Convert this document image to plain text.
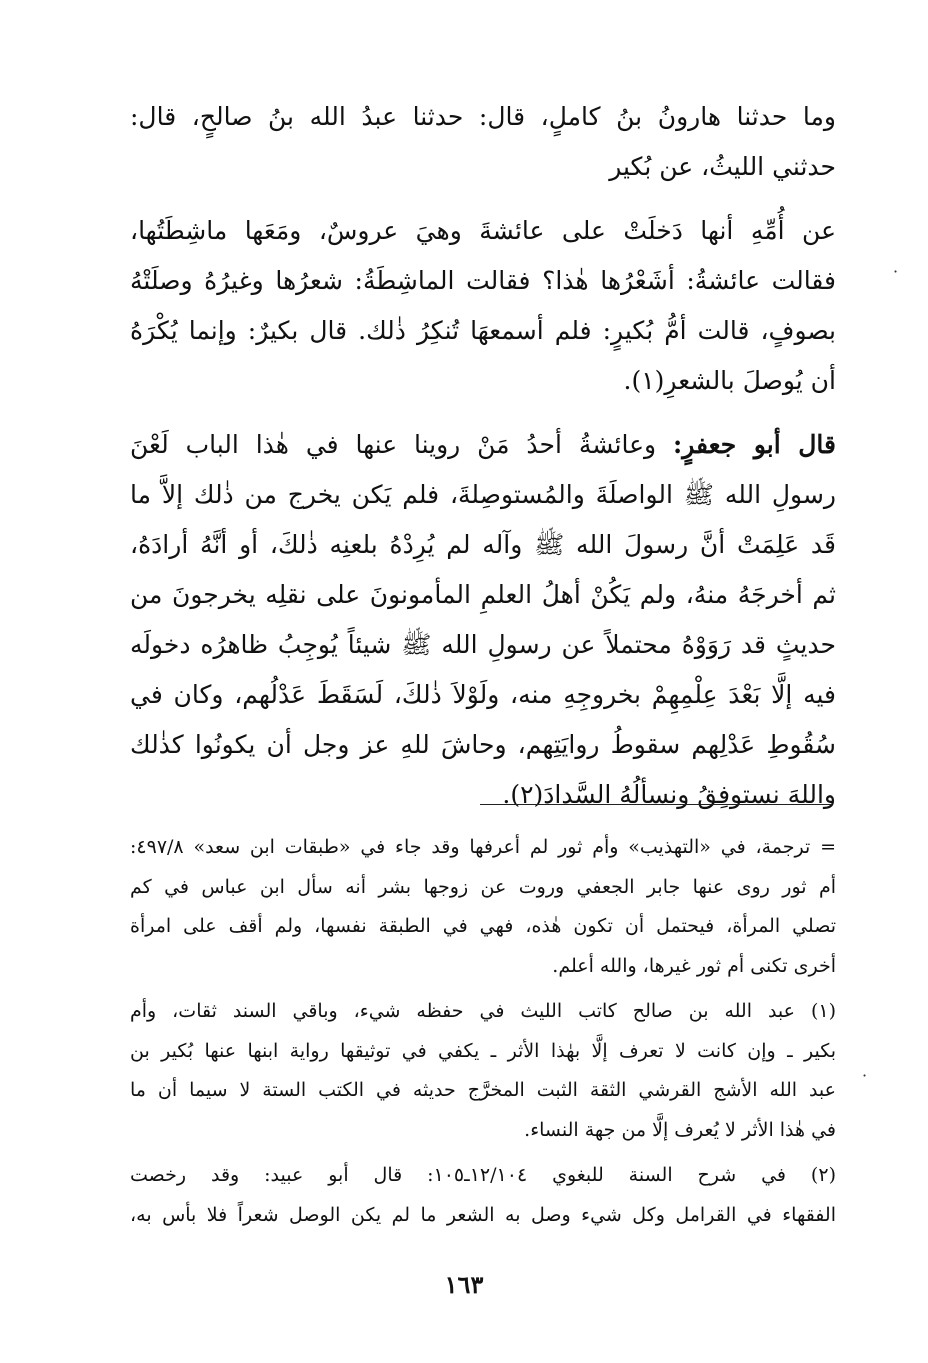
وما حدثنا هارونُ بنُ كاملٍ، قال: حدثنا عبدُ الله بنُ صالحٍ، قال:
حدثني الليثُ، عن بُكير
عن أُمِّهِ أنها دَخلَتْ على عائشةَ وهيَ عروسٌ، ومَعَها ماشِطَتُها،
فقالت عائشةُ: أشَعْرُها هٰذا؟ فقالت الماشِطَةُ: شعرُها وغيرُهُ وصلَتْهُ
بصوفٍ، قالت أمُّ بُكيرٍ: فلم أسمعهَا تُنكِرُ ذٰلك. قال بكيرٌ: وإنما يُكْرَهُ
أن يُوصلَ بالشعرِ(١).
قال أبو جعفرٍ: وعائشةُ أحدُ مَنْ روينا عنها في هٰذا الباب لَعْنَ
رسولِ الله ﷺ الواصلَةَ والمُستوصِلةَ، فلم يَكن يخرج من ذٰلك إلاَّ ما
قَد عَلِمَتْ أنَّ رسولَ الله ﷺ وآله لم يُرِدْهُ بلعنِه ذٰلكَ، أو أنَّهُ أرادَهُ،
ثم أخرجَهُ منهُ، ولم يَكُنْ أهلُ العلمِ المأمونونَ على نقلِه يخرجونَ من
حديثٍ قد رَوَوْهُ محتملاً عن رسولِ الله ﷺ شيئاً يُوجِبُ ظاهرُه دخولَه
فيه إلَّا بَعْدَ عِلْمِهِمْ بخروجِهِ منه، ولَوْلاَ ذٰلكَ، لَسَقَطَ عَدْلُهم، وكان في
سُقُوطِ عَدْلِهم سقوطُ روايَتِهم، وحاشَ للهِ عز وجل أن يكونُوا كذٰلك
واللهَ نستوفِقُ ونسألُهُ السَّدادَ(٢).
= ترجمة، في «التهذيب» وأم ثور لم أعرفها وقد جاء في «طبقات ابن سعد» ٤٩٧/٨:
أم ثور روى عنها جابر الجعفي وروت عن زوجها بشر أنه سأل ابن عباس في كم
تصلي المرأة، فيحتمل أن تكون هٰذه، فهي في الطبقة نفسها، ولم أقف على امرأة
أخرى تكنى أم ثور غيرها، والله أعلم.
(١) عبد الله بن صالح كاتب الليث في حفظه شيء، وباقي السند ثقات، وأم
بكير ـ وإن كانت لا تعرف إلَّا بهٰذا الأثر ـ يكفي في توثيقها رواية ابنها عنها بُكير بن
عبد الله الأشج القرشي الثقة الثبت المخرَّج حديثه في الكتب الستة لا سيما أن ما
في هٰذا الأثر لا يُعرف إلَّا من جهة النساء.
(٢) في شرح السنة للبغوي ١٢/١٠٤ـ١٠٥: قال أبو عبيد: وقد رخصت
الفقهاء في القرامل وكل شيء وصل به الشعر ما لم يكن الوصل شعراً فلا بأس به،
١٦٣
·
·
